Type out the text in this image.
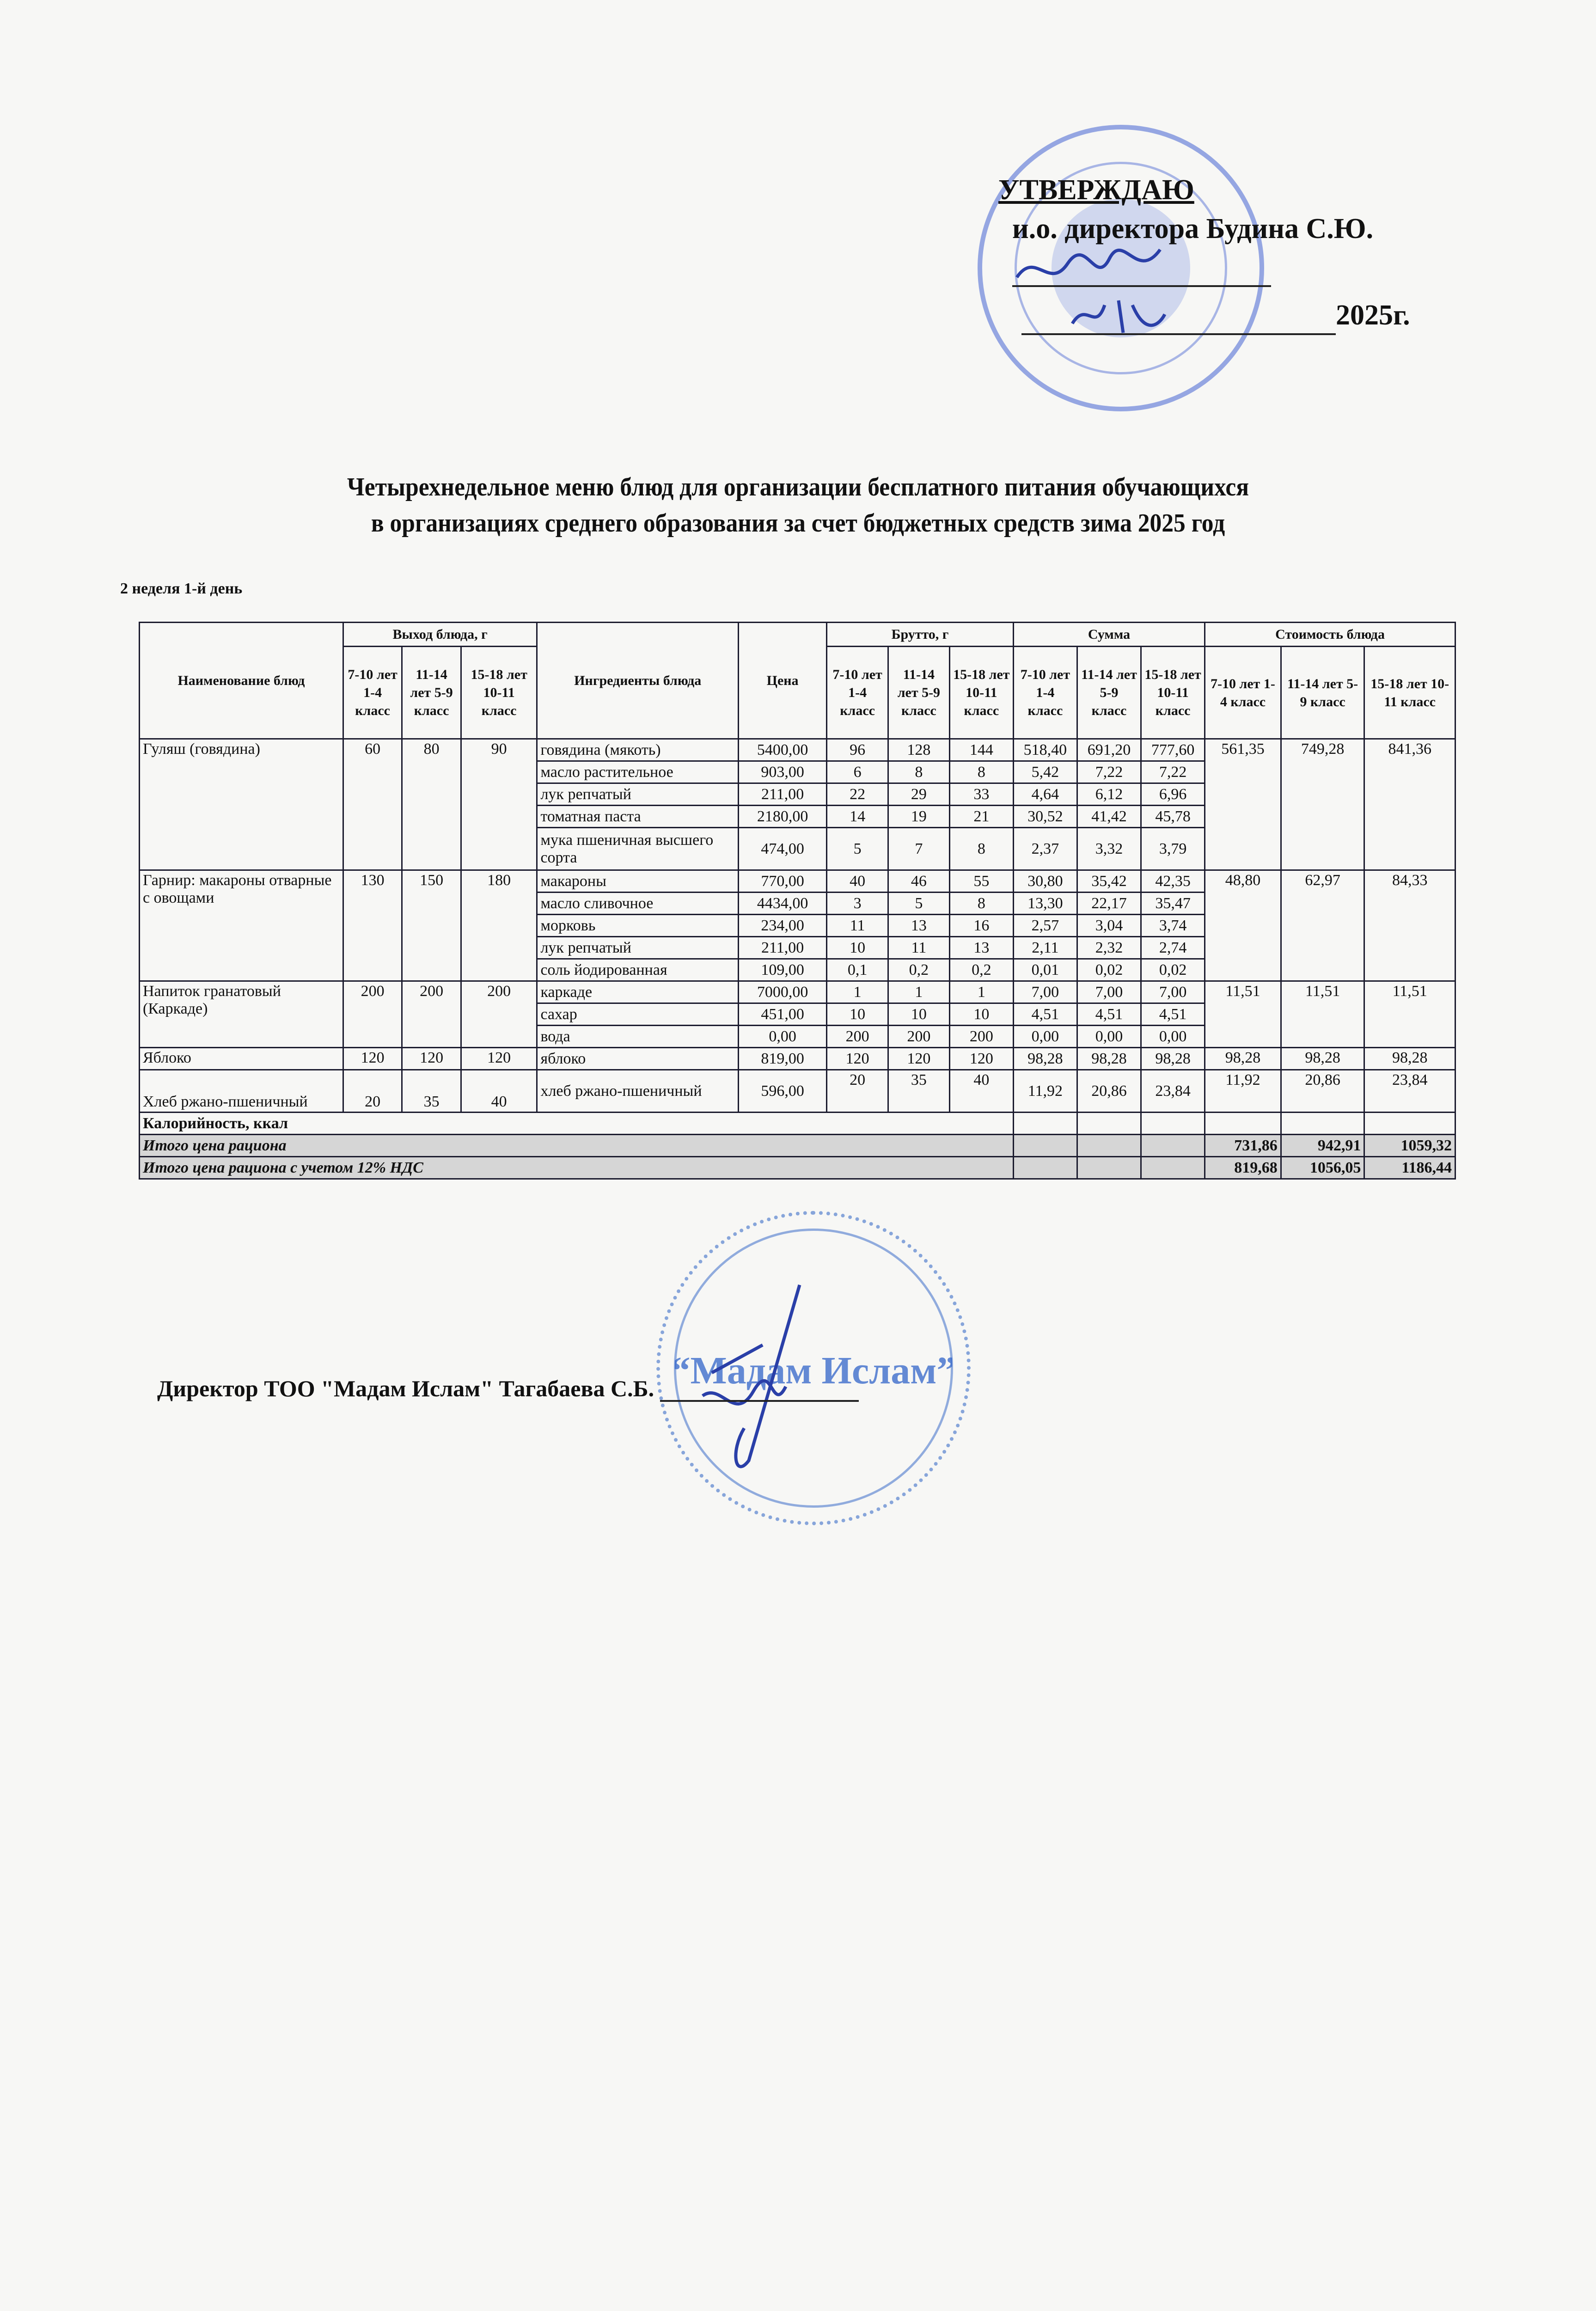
УТВЕРЖДАЮ
и.о. директора Будина С.Ю.
2025г.
Четырехнедельное меню блюд для организации бесплатного питания обучающихся
в организациях среднего образования за счет бюджетных средств зима 2025 год
2 неделя 1-й день
Наименование блюд	Выход блюда, г			Ингредиенты блюда	Цена	Брутто, г			Сумма			Стоимость блюда		
	7-10 лет 1-4 класс	11-14 лет 5-9 класс	15-18 лет 10-11 класс			7-10 лет 1-4 класс	11-14 лет 5-9 класс	15-18 лет 10-11 класс	7-10 лет 1-4 класс	11-14 лет 5-9 класс	15-18 лет 10-11 класс	7-10 лет 1-4 класс	11-14 лет 5-9 класс	15-18 лет 10-11 класс
Гуляш (говядина)	60	80	90	говядина (мякоть)	5400,00	96	128	144	518,40	691,20	777,60	561,35	749,28	841,36
				масло растительное	903,00	6	8	8	5,42	7,22	7,22			
				лук репчатый	211,00	22	29	33	4,64	6,12	6,96			
				томатная паста	2180,00	14	19	21	30,52	41,42	45,78			
				мука пшеничная высшего сорта	474,00	5	7	8	2,37	3,32	3,79			
Гарнир: макароны отварные с овощами	130	150	180	макароны	770,00	40	46	55	30,80	35,42	42,35	48,80	62,97	84,33
				масло сливочное	4434,00	3	5	8	13,30	22,17	35,47			
				морковь	234,00	11	13	16	2,57	3,04	3,74			
				лук репчатый	211,00	10	11	13	2,11	2,32	2,74			
				соль йодированная	109,00	0,1	0,2	0,2	0,01	0,02	0,02			
Напиток гранатовый (Каркаде)	200	200	200	каркаде	7000,00	1	1	1	7,00	7,00	7,00	11,51	11,51	11,51
				сахар	451,00	10	10	10	4,51	4,51	4,51			
				вода	0,00	200	200	200	0,00	0,00	0,00			
Яблоко	120	120	120	яблоко	819,00	120	120	120	98,28	98,28	98,28	98,28	98,28	98,28
Хлеб ржано-пшеничный	20	35	40	хлеб ржано-пшеничный	596,00	20	35	40	11,92	20,86	23,84	11,92	20,86	23,84
Калорийность, ккал														
Итого цена рациона												731,86	942,91	1059,32
Итого цена рациона с учетом 12% НДС												819,68	1056,05	1186,44
“Мадам Ислам”
Директор ТОО "Мадам Ислам" Тагабаева С.Б.
